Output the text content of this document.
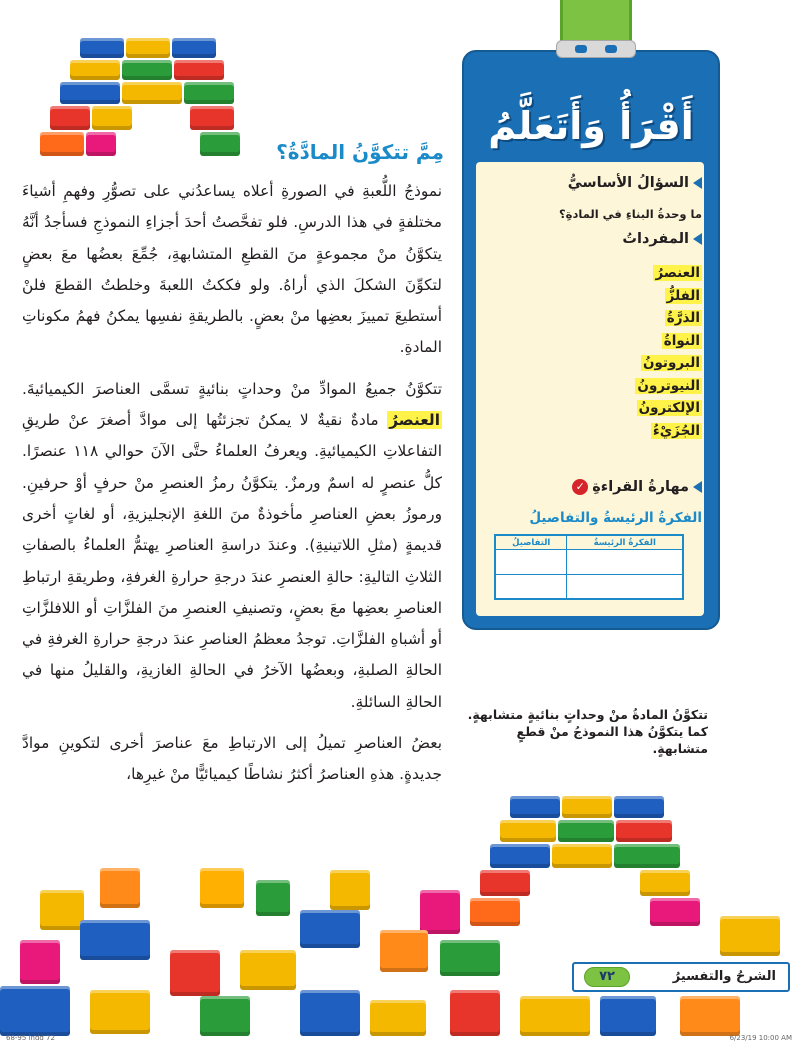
مِمَّ تتكوَّنُ المادَّةُ؟

نموذجُ اللُّعبةِ في الصورةِ أعلاه يساعدُني على تصوُّرِ وفهمِ أشياءَ مختلفةٍ في هذا الدرسِ. فلو تفحَّصتُ أحدَ أجزاءِ النموذجِ فسأجدُ أنَّهُ يتكوَّنُ منْ مجموعةٍ منَ القطعِ المتشابهةِ، جُمِّعَ بعضُها معَ بعضٍ لتكوِّنَ الشكلَ الذي أراهُ. ولو فككتُ اللعبةَ وخلطتُ القطعَ فلنْ أستطيعَ تمييزَ بعضِها منْ بعضٍ. بالطريقةِ نفسِها يمكنُ فهمُ مكوناتِ المادةِ.

تتكوَّنُ جميعُ الموادِّ منْ وحداتٍ بنائيةٍ تسمَّى العناصرَ الكيميائيةَ. العنصرُ مادةٌ نقيةٌ لا يمكنُ تجزئتُها إلى موادَّ أصغرَ عنْ طريقِ التفاعلاتِ الكيميائيةِ. ويعرفُ العلماءُ حتَّى الآنَ حوالي ١١٨ عنصرًا. كلُّ عنصرٍ له اسمٌ ورمزٌ. يتكوَّنُ رمزُ العنصرِ منْ حرفٍ أوْ حرفينِ. ورموزُ بعضِ العناصرِ مأخوذةٌ منَ اللغةِ الإنجليزيةِ، أو لغاتٍ أخرى قديمةٍ (مثلِ اللاتينيةِ). وعندَ دراسةِ العناصرِ يهتمُّ العلماءُ بالصفاتِ الثلاثِ التاليةِ: حالةِ العنصرِ عندَ درجةِ حرارةِ الغرفةِ، وطريقةِ ارتباطِ العناصرِ بعضِها معَ بعضٍ، وتصنيفِ العنصرِ منَ الفلزَّاتِ أو اللافلزَّاتِ أو أشباهِ الفلزَّاتِ. توجدُ معظمُ العناصرِ عندَ درجةِ حرارةِ الغرفةِ في الحالةِ الصلبةِ، وبعضُها الآخرُ في الحالةِ الغازيةِ، والقليلُ منها في الحالةِ السائلةِ.

بعضُ العناصرِ تميلُ إلى الارتباطِ معَ عناصرَ أخرى لتكوينِ موادَّ جديدةٍ. هذهِ العناصرُ أكثرُ نشاطًا كيميائيًّا منْ غيرِها،

أَقْرَأُ وَأَتَعَلَّمُ
السؤالُ الأساسيُّ
ما وحدةُ البناءِ في المادةِ؟
المفرداتُ
العنصرُ
الفلزُّ
الذرَّةُ
النواةُ
البروتونُ
النيوترونُ
الإلكترونُ
الجُزَيْءُ
مهارةُ القراءةِ✓
الفكرةُ الرئيسةُ والتفاصيلُ
الفكرةُ الرئيسةُ	التفاصيلُ

تتكوَّنُ المادةُ منْ وحداتٍ بنائيةٍ متشابهةٍ.
كما يتكوَّنُ هذا النموذجُ منْ قطعٍ متشابهةٍ.
٧٢	الشرحُ والتفسيرُ
68-95 indd 72	6/23/19 10:00 AM
